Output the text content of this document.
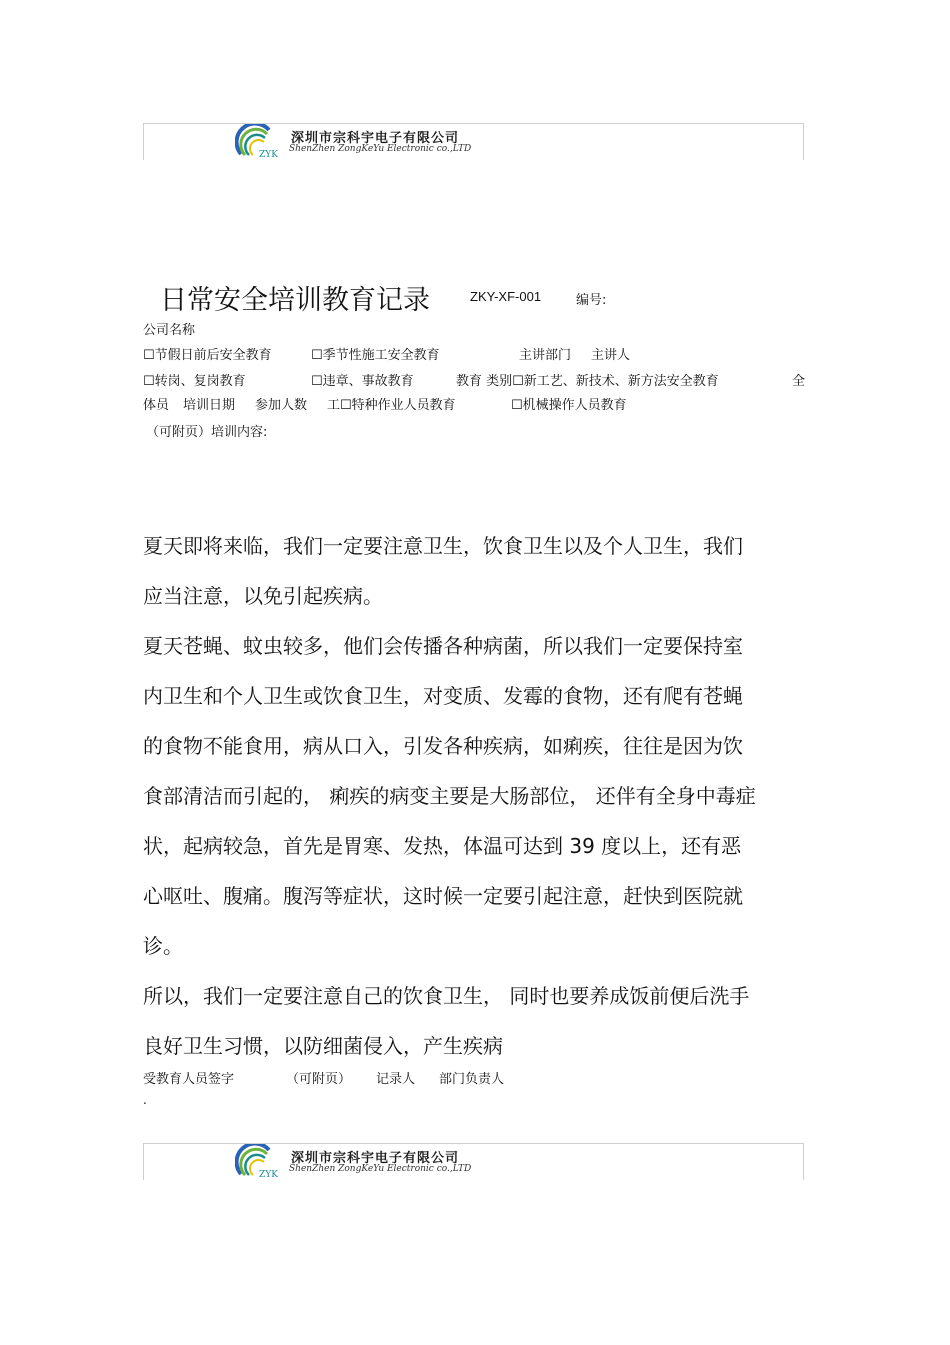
ZYK
深圳市宗科宇电子有限公司
ShenZhen ZongKeYu Electronic co.,LTD
日常安全培训教育记录	ZKY-XF-001	编号:
公司名称
☐节假日前后安全教育	☐季节性施工安全教育	主讲部门 主讲人
☐转岗、复岗教育	☐违章、事故教育	教育 类别☐新工艺、新技术、新方法安全教育	全
体员 培训日期 参加人数 工☐特种作业人员教育	☐机械操作人员教育
（可附页）培训内容:
夏天即将来临，我们一定要注意卫生，饮食卫生以及个人卫生，我们
应当注意，以免引起疾病。
夏天苍蝇、蚊虫较多，他们会传播各种病菌，所以我们一定要保持室
内卫生和个人卫生或饮食卫生，对变质、发霉的食物，还有爬有苍蝇
的食物不能食用，病从口入，引发各种疾病，如痢疾，往往是因为饮
食部清洁而引起的， 痢疾的病变主要是大肠部位， 还伴有全身中毒症
状，起病较急，首先是胃寒、发热，体温可达到 39 度以上，还有恶
心呕吐、腹痛。腹泻等症状，这时候一定要引起注意，赶快到医院就
诊。
所以，我们一定要注意自己的饮食卫生， 同时也要养成饭前便后洗手
良好卫生习惯，以防细菌侵入，产生疾病
受教育人员签字	（可附页） 记录人 部门负责人
.
ZYK
深圳市宗科宇电子有限公司
ShenZhen ZongKeYu Electronic co.,LTD
